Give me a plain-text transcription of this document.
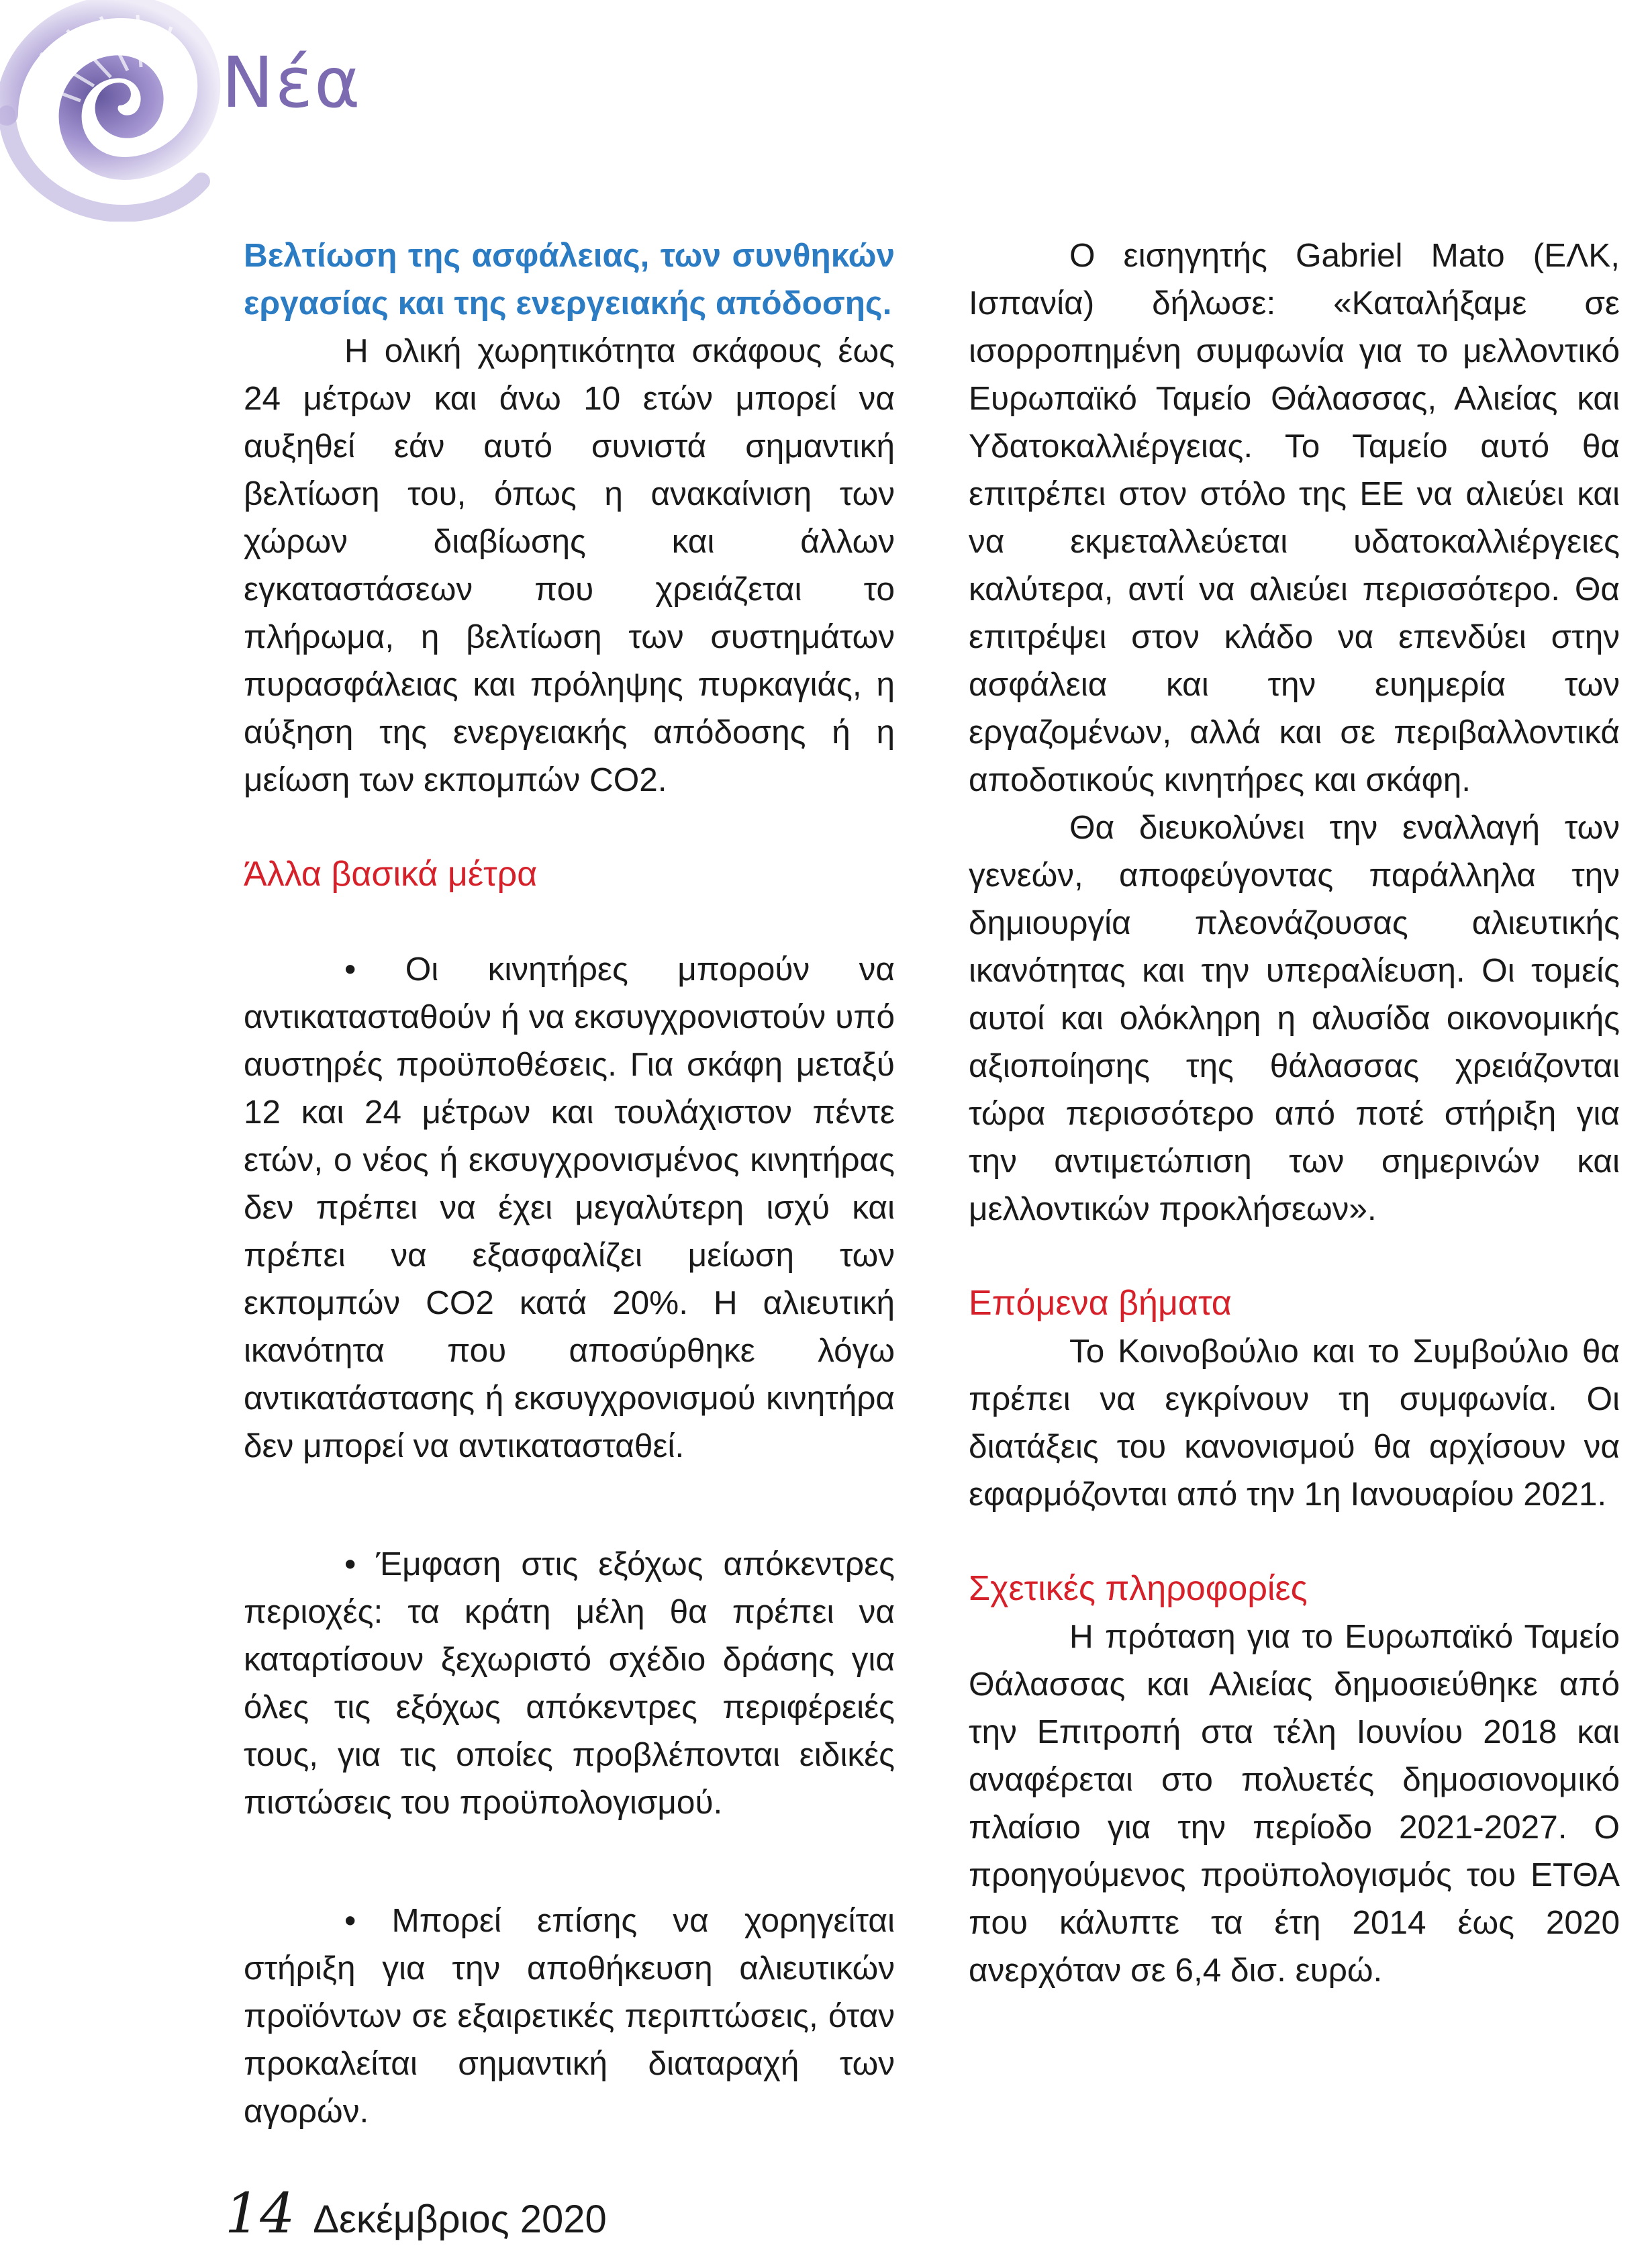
Νέα

Βελτίωση της ασφάλειας, των συνθηκών εργασίας και της ενεργειακής απόδοσης.

Η ολική χωρητικότητα σκάφους έως 24 μέτρων και άνω 10 ετών μπορεί να αυξηθεί εάν αυτό συνιστά σημαντική βελτίωση του, όπως η ανακαίνιση των χώρων διαβίωσης και άλλων εγκαταστάσεων που χρειάζεται το πλήρωμα, η βελτίωση των συστημάτων πυρασφάλειας και πρόληψης πυρκαγιάς, η αύξηση της ενεργειακής απόδοσης ή η μείωση των εκπομπών CO2.

Άλλα βασικά μέτρα

• Οι κινητήρες μπορούν να αντικατασταθούν ή να εκσυγχρονιστούν υπό αυστηρές προϋποθέσεις. Για σκάφη μεταξύ 12 και 24 μέτρων και τουλάχιστον πέντε ετών, ο νέος ή εκσυγχρονισμένος κινητήρας δεν πρέπει να έχει μεγαλύτερη ισχύ και πρέπει να εξασφαλίζει μείωση των εκπομπών CO2 κατά 20%. Η αλιευτική ικανότητα που αποσύρθηκε λόγω αντικατάστασης ή εκσυγχρονισμού κινητήρα δεν μπορεί να αντικατασταθεί.

• Έμφαση στις εξόχως απόκεντρες περιοχές: τα κράτη μέλη θα πρέπει να καταρτίσουν ξεχωριστό σχέδιο δράσης για όλες τις εξόχως απόκεντρες περιφέρειές τους, για τις οποίες προβλέπονται ειδικές πιστώσεις του προϋπολογισμού.

• Μπορεί επίσης να χορηγείται στήριξη για την αποθήκευση αλιευτικών προϊόντων σε εξαιρετικές περιπτώσεις, όταν προκαλείται σημαντική διαταραχή των αγορών.

Ο εισηγητής Gabriel Mato (ΕΛΚ, Ισπανία) δήλωσε: «Καταλήξαμε σε ισορροπημένη συμφωνία για το μελλοντικό Ευρωπαϊκό Ταμείο Θάλασσας, Αλιείας και Υδατοκαλλιέργειας. Το Ταμείο αυτό θα επιτρέπει στον στόλο της ΕΕ να αλιεύει και να εκμεταλλεύεται υδατοκαλλιέργειες καλύτερα, αντί να αλιεύει περισσότερο. Θα επιτρέψει στον κλάδο να επενδύει στην ασφάλεια και την ευημερία των εργαζομένων, αλλά και σε περιβαλλοντικά αποδοτικούς κινητήρες και σκάφη.

Θα διευκολύνει την εναλλαγή των γενεών, αποφεύγοντας παράλληλα την δημιουργία πλεονάζουσας αλιευτικής ικανότητας και την υπεραλίευση. Οι τομείς αυτοί και ολόκληρη η αλυσίδα οικονομικής αξιοποίησης της θάλασσας χρειάζονται τώρα περισσότερο από ποτέ στήριξη για την αντιμετώπιση των σημερινών και μελλοντικών προκλήσεων».

Επόμενα βήματα

Το Κοινοβούλιο και το Συμβούλιο θα πρέπει να εγκρίνουν τη συμφωνία. Οι διατάξεις του κανονισμού θα αρχίσουν να εφαρμόζονται από την 1η Ιανουαρίου 2021.

Σχετικές πληροφορίες

Η πρόταση για το Ευρωπαϊκό Ταμείο Θάλασσας και Αλιείας δημοσιεύθηκε από την Επιτροπή στα τέλη Ιουνίου 2018 και αναφέρεται στο πολυετές δημοσιονομικό πλαίσιο για την περίοδο 2021-2027. Ο προηγούμενος προϋπολογισμός του ΕΤΘΑ που κάλυπτε τα έτη 2014 έως 2020 ανερχόταν σε 6,4 δισ. ευρώ.

14 Δεκέμβριος 2020
